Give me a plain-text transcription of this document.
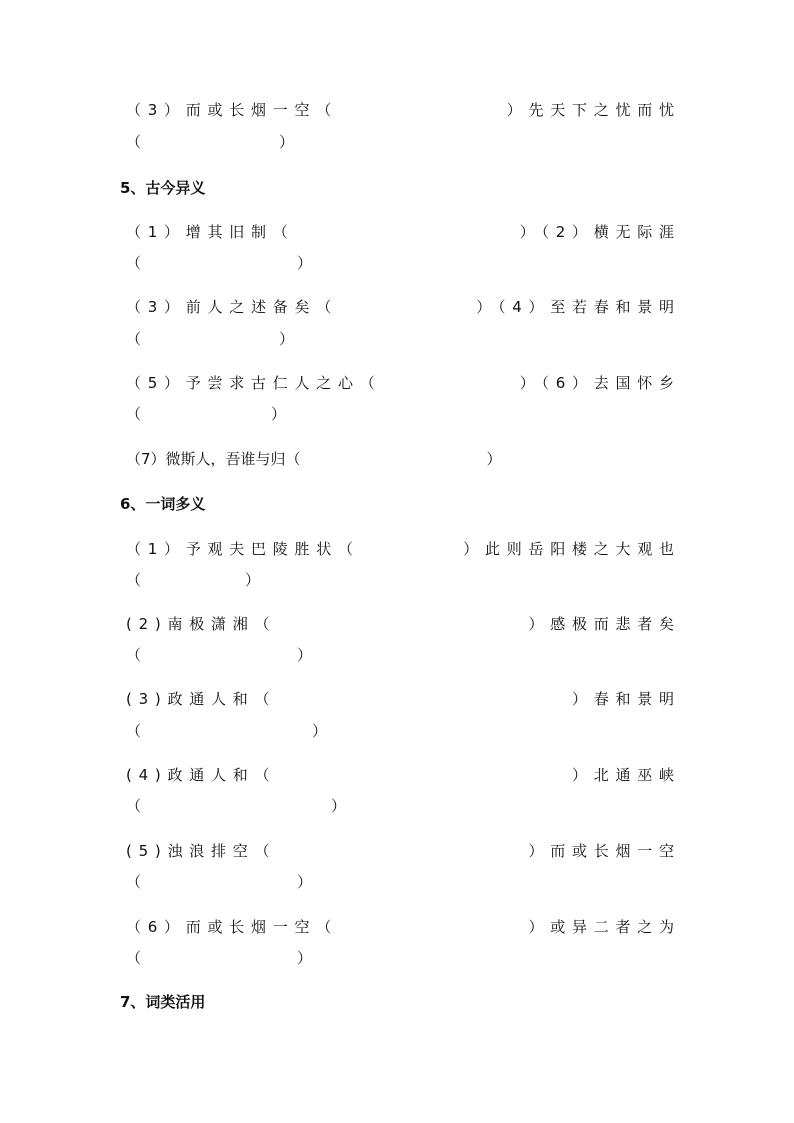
（3）而或长烟一空（	）先天下之忧而忧
（	）
5、古今异义
（1）增其旧制（	）（2）横无际涯
（	）
（3）前人之述备矣（	）（4）至若春和景明
（	）
（5）予尝求古仁人之心（	）（6）去国怀乡
（	）
（7）微斯人，吾谁与归（	）
6、一词多义
（1）予观夫巴陵胜状（	）此则岳阳楼之大观也
（	）
(2)南极潇湘（	）感极而悲者矣
（	）
(3)政通人和（	）春和景明
（	）
(4)政通人和（	）北通巫峡
（	）
(5)浊浪排空（	）而或长烟一空
（	）
（6）而或长烟一空（	）或异二者之为
（	）
7、词类活用
